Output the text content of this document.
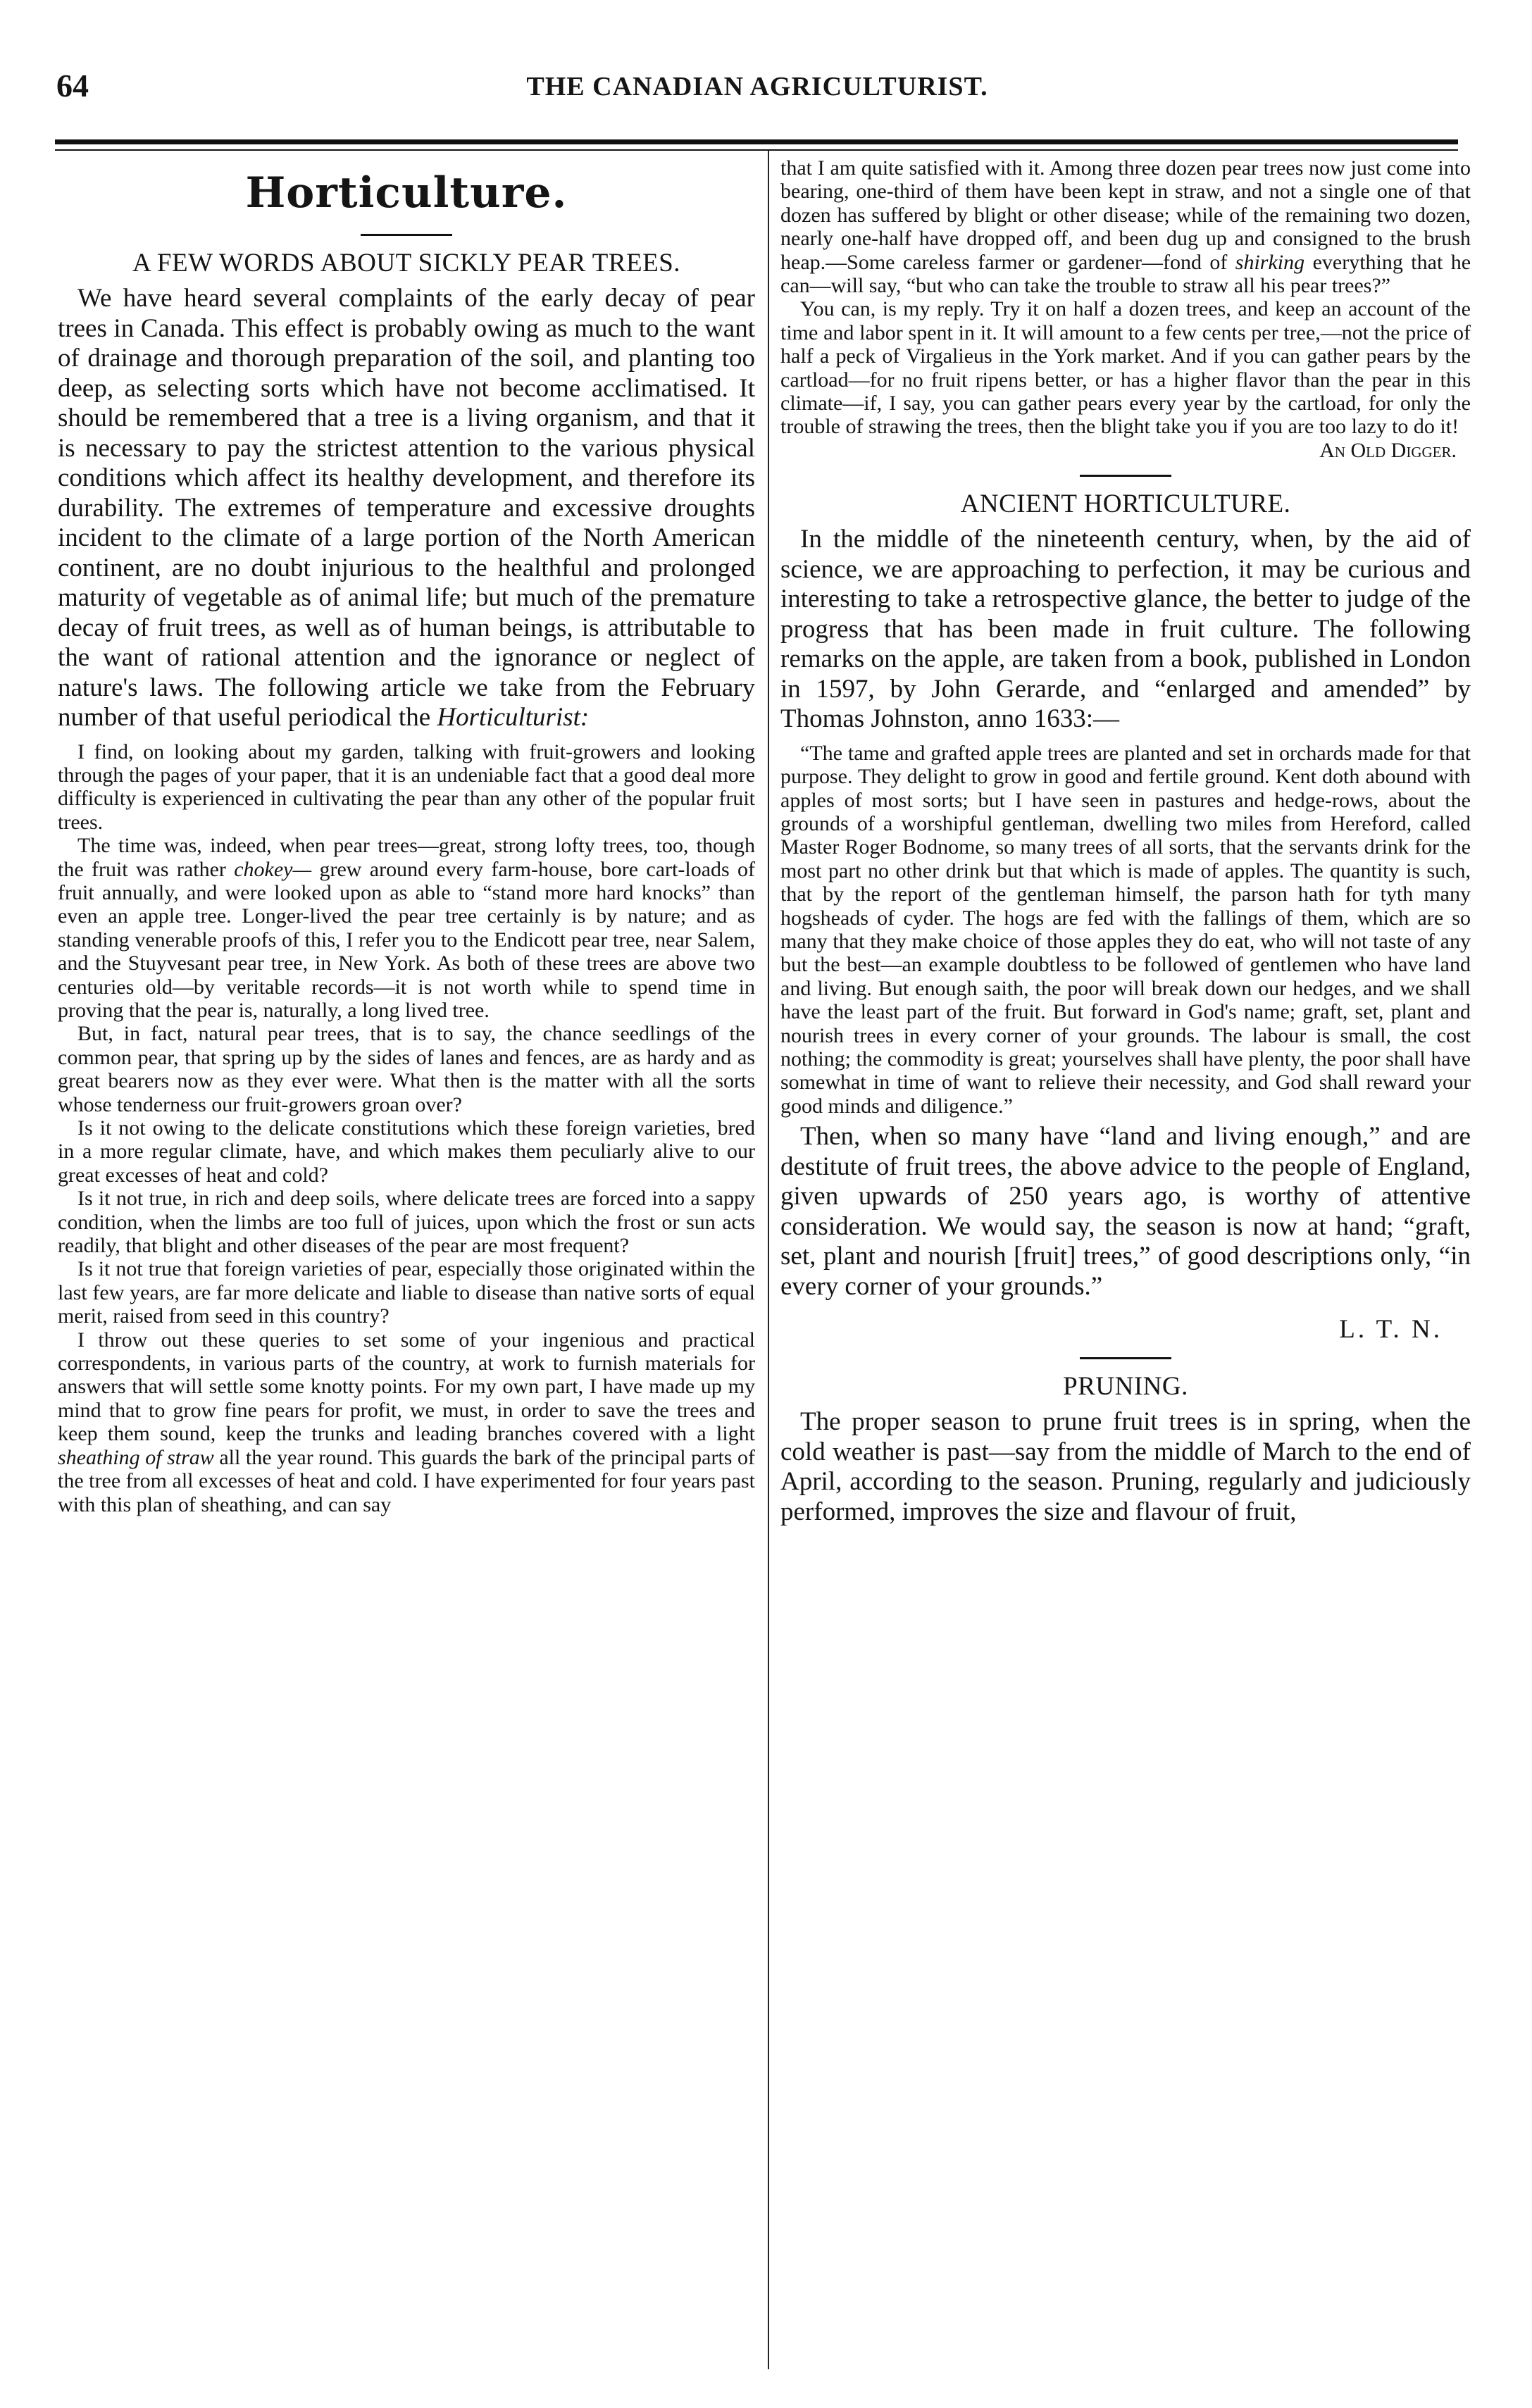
64	THE CANADIAN AGRICULTURIST.
Horticulture.
A FEW WORDS ABOUT SICKLY PEAR TREES.

We have heard several complaints of the early decay of pear trees in Canada. This effect is probably owing as much to the want of drainage and thorough preparation of the soil, and planting too deep, as selecting sorts which have not become acclimatised. It should be remembered that a tree is a living organism, and that it is necessary to pay the strictest attention to the various physical conditions which affect its healthy development, and therefore its durability. The extremes of temperature and excessive droughts incident to the climate of a large portion of the North American continent, are no doubt injurious to the healthful and prolonged maturity of vegetable as of animal life; but much of the premature decay of fruit trees, as well as of human beings, is attributable to the want of rational attention and the ignorance or neglect of nature's laws. The following article we take from the February number of that useful periodical the Horticulturist:

I find, on looking about my garden, talking with fruit-growers and looking through the pages of your paper, that it is an undeniable fact that a good deal more difficulty is experienced in cultivating the pear than any other of the popular fruit trees.

The time was, indeed, when pear trees—great, strong lofty trees, too, though the fruit was rather chokey— grew around every farm-house, bore cart-loads of fruit annually, and were looked upon as able to “stand more hard knocks” than even an apple tree. Longer-lived the pear tree certainly is by nature; and as standing venerable proofs of this, I refer you to the Endicott pear tree, near Salem, and the Stuyvesant pear tree, in New York. As both of these trees are above two centuries old—by veritable records—it is not worth while to spend time in proving that the pear is, naturally, a long lived tree.

But, in fact, natural pear trees, that is to say, the chance seedlings of the common pear, that spring up by the sides of lanes and fences, are as hardy and as great bearers now as they ever were. What then is the matter with all the sorts whose tenderness our fruit-growers groan over?

Is it not owing to the delicate constitutions which these foreign varieties, bred in a more regular climate, have, and which makes them peculiarly alive to our great excesses of heat and cold?

Is it not true, in rich and deep soils, where delicate trees are forced into a sappy condition, when the limbs are too full of juices, upon which the frost or sun acts readily, that blight and other diseases of the pear are most frequent?

Is it not true that foreign varieties of pear, especially those originated within the last few years, are far more delicate and liable to disease than native sorts of equal merit, raised from seed in this country?

I throw out these queries to set some of your ingenious and practical correspondents, in various parts of the country, at work to furnish materials for answers that will settle some knotty points. For my own part, I have made up my mind that to grow fine pears for profit, we must, in order to save the trees and keep them sound, keep the trunks and leading branches covered with a light sheathing of straw all the year round. This guards the bark of the principal parts of the tree from all excesses of heat and cold. I have experimented for four years past with this plan of sheathing, and can say

that I am quite satisfied with it. Among three dozen pear trees now just come into bearing, one-third of them have been kept in straw, and not a single one of that dozen has suffered by blight or other disease; while of the remaining two dozen, nearly one-half have dropped off, and been dug up and consigned to the brush heap.—Some careless farmer or gardener—fond of shirking everything that he can—will say, “but who can take the trouble to straw all his pear trees?”

You can, is my reply. Try it on half a dozen trees, and keep an account of the time and labor spent in it. It will amount to a few cents per tree,—not the price of half a peck of Virgalieus in the York market. And if you can gather pears by the cartload—for no fruit ripens better, or has a higher flavor than the pear in this climate—if, I say, you can gather pears every year by the cartload, for only the trouble of strawing the trees, then the blight take you if you are too lazy to do it!

An Old Digger.

ANCIENT HORTICULTURE.

In the middle of the nineteenth century, when, by the aid of science, we are approaching to perfection, it may be curious and interesting to take a retrospective glance, the better to judge of the progress that has been made in fruit culture. The following remarks on the apple, are taken from a book, published in London in 1597, by John Gerarde, and “enlarged and amended” by Thomas Johnston, anno 1633:—

“The tame and grafted apple trees are planted and set in orchards made for that purpose. They delight to grow in good and fertile ground. Kent doth abound with apples of most sorts; but I have seen in pastures and hedge-rows, about the grounds of a worshipful gentleman, dwelling two miles from Hereford, called Master Roger Bodnome, so many trees of all sorts, that the servants drink for the most part no other drink but that which is made of apples. The quantity is such, that by the report of the gentleman himself, the parson hath for tyth many hogsheads of cyder. The hogs are fed with the fallings of them, which are so many that they make choice of those apples they do eat, who will not taste of any but the best—an example doubtless to be followed of gentlemen who have land and living. But enough saith, the poor will break down our hedges, and we shall have the least part of the fruit. But forward in God's name; graft, set, plant and nourish trees in every corner of your grounds. The labour is small, the cost nothing; the commodity is great; yourselves shall have plenty, the poor shall have somewhat in time of want to relieve their necessity, and God shall reward your good minds and diligence.”

Then, when so many have “land and living enough,” and are destitute of fruit trees, the above advice to the people of England, given upwards of 250 years ago, is worthy of attentive consideration. We would say, the season is now at hand; “graft, set, plant and nourish [fruit] trees,” of good descriptions only, “in every corner of your grounds.”

L. T. N.
PRUNING.

The proper season to prune fruit trees is in spring, when the cold weather is past—say from the middle of March to the end of April, according to the season. Pruning, regularly and judiciously performed, improves the size and flavour of fruit,
